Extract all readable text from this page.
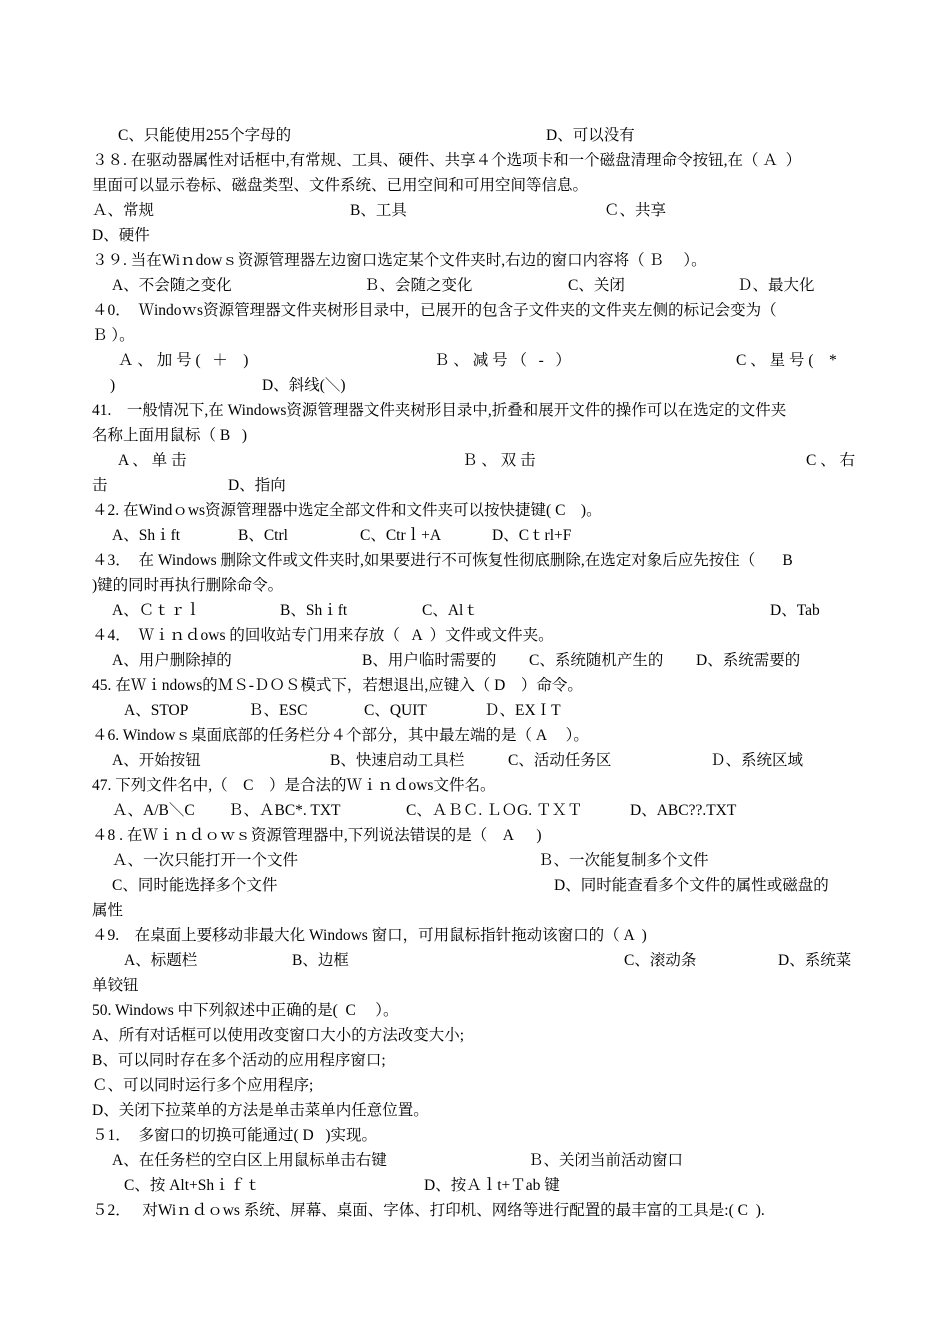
C、只能使用255个字母的	D、可以没有
３８. 在驱动器属性对话框中,有常规、工具、硬件、共享４个选项卡和一个磁盘清理命令按钮,在（ Ａ  ）
里面可以显示卷标、磁盘类型、文件系统、已用空间和可用空间等信息。
Ａ、常规	B、工具	Ｃ、共享
D、硬件
３９. 当在Wiｎdowｓ资源管理器左边窗口选定某个文件夹时,右边的窗口内容将（ Ｂ     ）。
A、不会随之变化	Ｂ、会随之变化	C、关闭	Ｄ、最大化
４0．  Ｗindoｗs资源管理器文件夹树形目录中，已展开的包含子文件夹的文件夹左侧的标记会变为（
Ｂ ）。
Ａ 、 加 号 (   ＋    )	Ｂ 、 减 号 （   -   ）	C 、 星 号 (    *
)	D、斜线(＼)
41.    一般情况下,在 Windows资源管理器文件夹树形目录中,折叠和展开文件的操作可以在选定的文件夹
名称上面用鼠标（ B   )
A 、 单 击	Ｂ 、 双 击	C 、 右
击	D、指向
４2. 在Windｏws资源管理器中选定全部文件和文件夹可以按快捷键( C    )。
A、Shｉft	B、Ctrl	C、Ctrｌ+A	D、Cｔrl+F
４3．  在 Windows 删除文件或文件夹时,如果要进行不可恢复性彻底删除,在选定对象后应先按住（       B
)键的同时再执行删除命令。
A、Ｃｔｒｌ	B、Shｉft	C、Alｔ	D、Tab
４4．  Ｗｉｎｄows 的回收站专门用来存放（   A  ）文件或文件夹。
A、用户删除掉的	B、用户临时需要的 C、系统随机产生的 D、系统需要的
45. 在Ｗｉndows的ＭＳ-ＤＯＳ模式下，若想退出,应键入（ D    ）命令。
A、STOP	Ｂ、ESC	C、QUIT	Ｄ、EXＩT
４6. Windowｓ桌面底部的任务栏分４个部分，其中最左端的是（ A     ）。
A、开始按钮	B、快速启动工具栏	C、活动任务区	Ｄ、系统区域
47. 下列文件名中,（    C    ）是合法的Ｗｉｎｄows文件名。
Ａ、A/B＼C Ｂ、ＡBC*. TXT	C、ＡＢＣ. ＬＯG. ＴＸＴ	D、ABC??.TXT
４8 . 在Ｗｉｎｄｏｗｓ资源管理器中,下列说法错误的是（    A      )
Ａ、一次只能打开一个文件	Ｂ、一次能复制多个文件
C、同时能选择多个文件	D、同时能查看多个文件的属性或磁盘的
属性
４9.    在桌面上要移动非最大化 Windows 窗口，可用鼠标指针拖动该窗口的（ A  )
A、标题栏	B、边框	C、滚动条	D、系统菜
单铰钮
50. Windows 中下列叙述中正确的是(  C     ）。
A、所有对话框可以使用改变窗口大小的方法改变大小;
B、可以同时存在多个活动的应用程序窗口;
Ｃ、可以同时运行多个应用程序;
D、关闭下拉菜单的方法是单击菜单内任意位置。
５1．  多窗口的切换可能通过( D   )实现。
A、在任务栏的空白区上用鼠标单击右键	Ｂ、关闭当前活动窗口
C、按 Alt+Shｉｆｔ	D、按Ａｌt+Ｔab 键
５2．   对Wiｎｄｏws 系统、屏幕、桌面、字体、打印机、网络等进行配置的最丰富的工具是:( C  ).
